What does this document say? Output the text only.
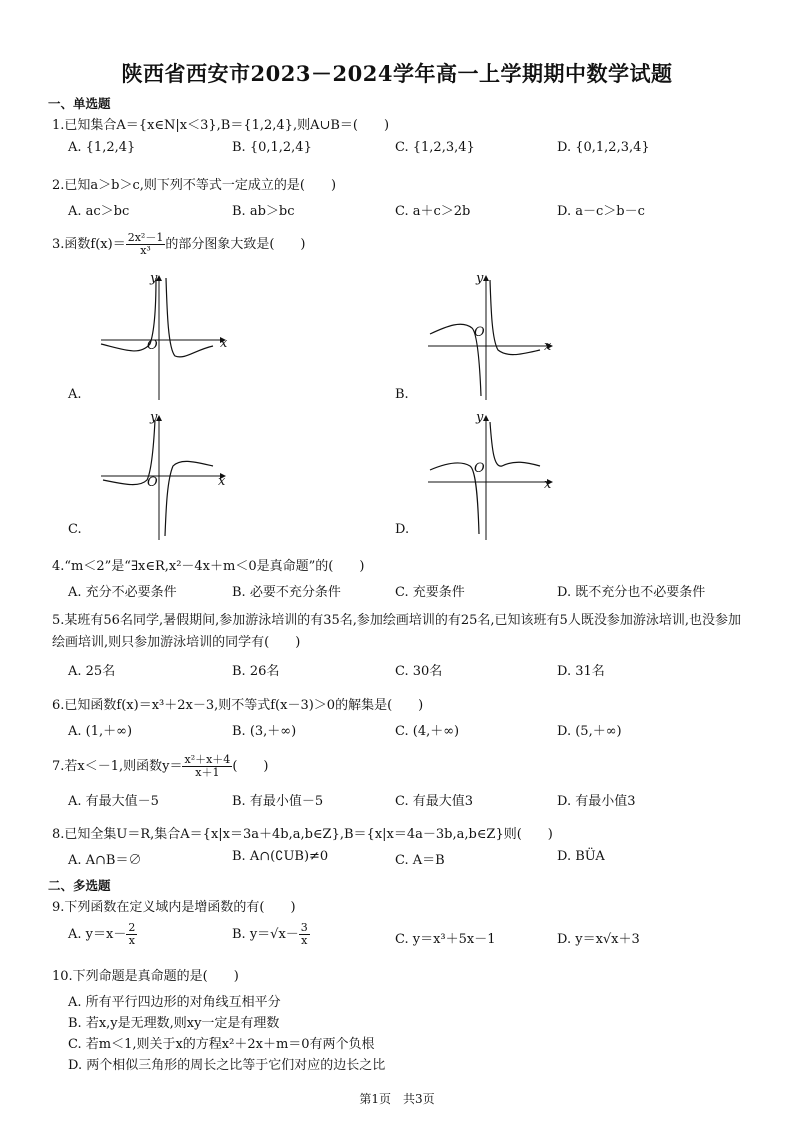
陕西省西安市2023－2024学年高一上学期期中数学试题
一、单选题
1.已知集合A＝{x∈N|x＜3},B＝{1,2,4},则A∪B＝(　　)
A. {1,2,4}	B. {0,1,2,4}	C. {1,2,3,4}	D. {0,1,2,3,4}
2.已知a＞b＞c,则下列不等式一定成立的是(　　)
A. ac＞bc	B. ab＞bc	C. a＋c＞2b	D. a－c＞b－c
3.函数$f(x)= \frac{\text{2x²－1}}{\text{x³}}$ 的部分图象大致是(　　)
y
x
O
A.
y
x
O
B.
y
x
O
C.
y
x
O
D.
4.“m＜2”是“∃x∈R,x²－4x＋m＜0是真命题”的(　　)
A. 充分不必要条件	B. 必要不充分条件	C. 充要条件	D. 既不充分也不必要条件
5.某班有56名同学,暑假期间,参加游泳培训的有35名,参加绘画培训的有25名,已知该班有5人既没参加游泳培训,也没参加绘画培训,则只参加游泳培训的同学有(　　)
A. 25名	B. 26名	C. 30名	D. 31名
6.已知函数f(x)＝x³＋2x－3,则不等式f(x－3)＞0的解集是(　　)
A. (1,＋∞)	B. (3,＋∞)	C. (4,＋∞)	D. (5,＋∞)
7.若x＜－1,则函数$y= \frac{\text{x²＋x＋4}}{x+1}$ (　　)
A. 有最大值－5	B. 有最小值－5	C. 有最大值3	D. 有最小值3
8.已知全集U＝R,集合A＝{x|x＝3a＋4b,a,b∈Z},B＝{x|x＝4a－3b,a,b∈Z}则(　　)
A. A∩B＝∅	B. A∩(∁UB)≠0	C. A＝B	D. BÜA
二、多选题
9.下列函数在定义域内是增函数的有(　　)
A. $y=x- \frac{2}{x}$	B. $y=√x- \frac{3}{x}$	C. y＝x³＋5x－1	D. y＝x√x＋3
10.下列命题是真命题的是(　　)
A. 所有平行四边形的对角线互相平分
B. 若x,y是无理数,则xy一定是有理数
C. 若m＜1,则关于x的方程x²＋2x＋m＝0有两个负根
D. 两个相似三角形的周长之比等于它们对应的边长之比
第1页　共3页
